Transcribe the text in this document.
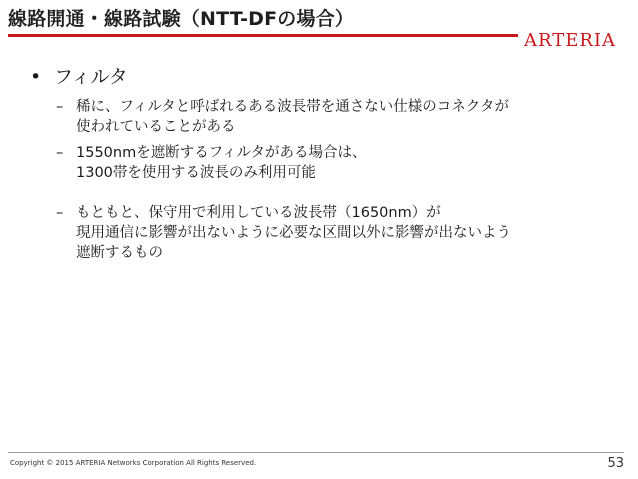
線路開通・線路試験（NTT-DFの場合）
ARTERIA
• フィルタ
– 稀に、フィルタと呼ばれるある波長帯を通さない仕様のコネクタが
使われていることがある
– 1550nmを遮断するフィルタがある場合は、
1300帯を使用する波長のみ利用可能
– もともと、保守用で利用している波長帯（1650nm）が
現用通信に影響が出ないように必要な区間以外に影響が出ないよう
遮断するもの
Copyright © 2015 ARTERIA Networks Corporation All Rights Reserved.	53
